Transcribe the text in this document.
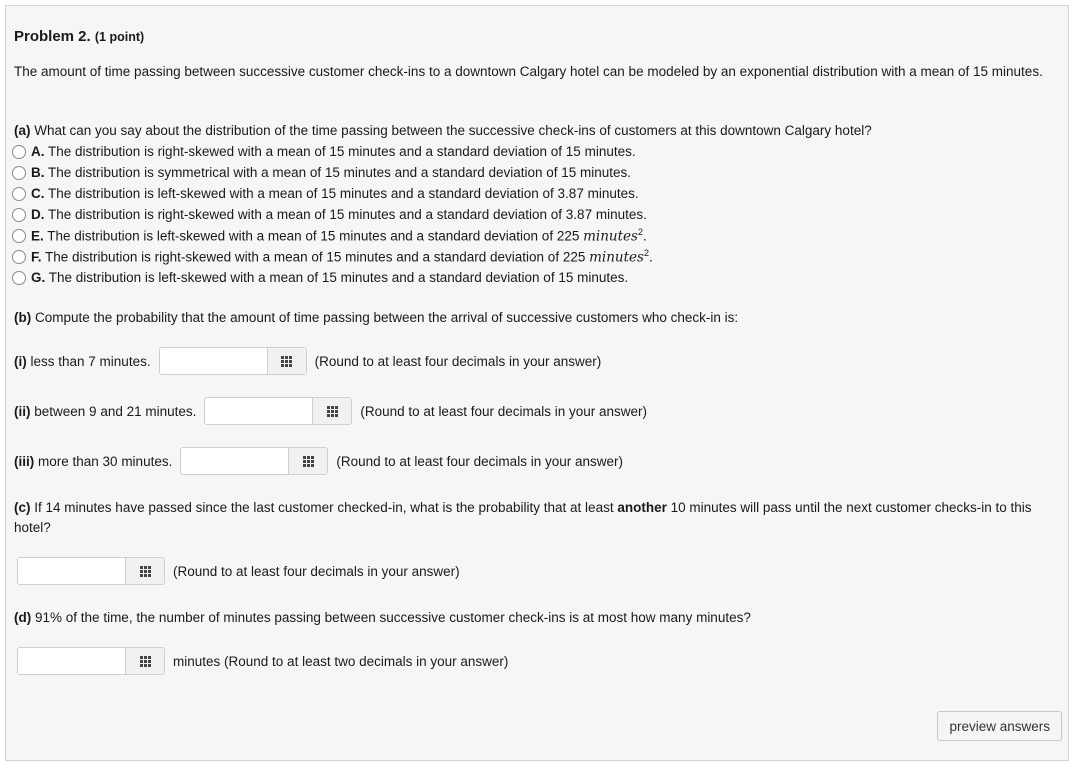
Problem 2. (1 point)
The amount of time passing between successive customer check-ins to a downtown Calgary hotel can be modeled by an exponential distribution with a mean of 15 minutes.
(a) What can you say about the distribution of the time passing between the successive check-ins of customers at this downtown Calgary hotel?
A. The distribution is right-skewed with a mean of 15 minutes and a standard deviation of 15 minutes.
B. The distribution is symmetrical with a mean of 15 minutes and a standard deviation of 15 minutes.
C. The distribution is left-skewed with a mean of 15 minutes and a standard deviation of 3.87 minutes.
D. The distribution is right-skewed with a mean of 15 minutes and a standard deviation of 3.87 minutes.
E. The distribution is left-skewed with a mean of 15 minutes and a standard deviation of 225 minutes$^2$.
F. The distribution is right-skewed with a mean of 15 minutes and a standard deviation of 225 minutes$^2$.
G. The distribution is left-skewed with a mean of 15 minutes and a standard deviation of 15 minutes.
(b) Compute the probability that the amount of time passing between the arrival of successive customers who check-in is:
(i)
less than 7 minutes.	(Round to at least four decimals in your answer)
(ii)
between 9 and 21 minutes.	(Round to at least four decimals in your answer)
(iii)
more than 30 minutes.	(Round to at least four decimals in your answer)
(c) If 14 minutes have passed since the last customer checked-in, what is the probability that at least another 10 minutes will pass until the next customer checks-in to this hotel?
(Round to at least four decimals in your answer)
(d) 91% of the time, the number of minutes passing between successive customer check-ins is at most how many minutes?
minutes (Round to at least two decimals in your answer)
preview answers
